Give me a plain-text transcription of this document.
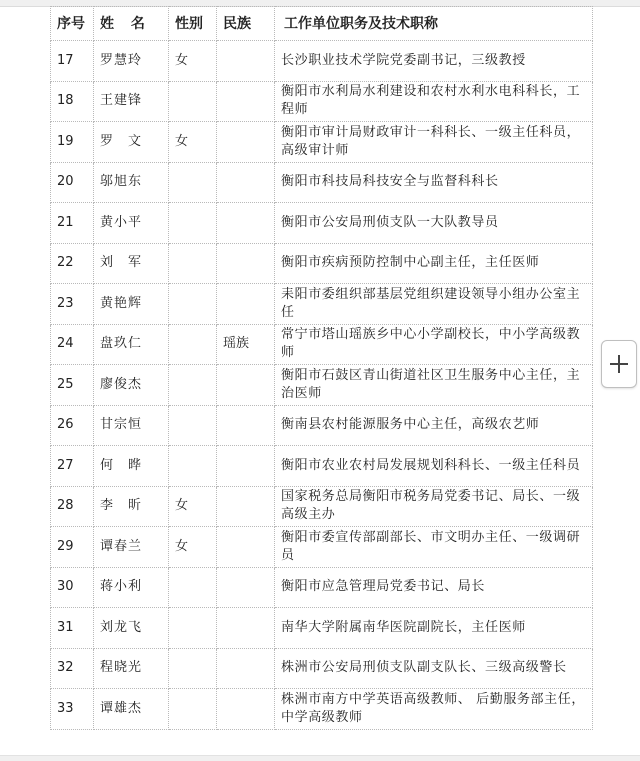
序号	姓 名	性别	民族	工作单位职务及技术职称
17	罗慧玲	女		长沙职业技术学院党委副书记，三级教授
18	王建锋			衡阳市水利局水利建设和农村水利水电科科长，工程师
19	罗　文	女		衡阳市审计局财政审计一科科长、一级主任科员，高级审计师
20	邬旭东			衡阳市科技局科技安全与监督科科长
21	黄小平			衡阳市公安局刑侦支队一大队教导员
22	刘　军			衡阳市疾病预防控制中心副主任，主任医师
23	黄艳辉			耒阳市委组织部基层党组织建设领导小组办公室主任
24	盘玖仁		瑶族	常宁市塔山瑶族乡中心小学副校长，中小学高级教师
25	廖俊杰			衡阳市石鼓区青山街道社区卫生服务中心主任，主治医师
26	甘宗恒			衡南县农村能源服务中心主任，高级农艺师
27	何　晔			衡阳市农业农村局发展规划科科长、一级主任科员
28	李　昕	女		国家税务总局衡阳市税务局党委书记、局长、一级高级主办
29	谭春兰	女		衡阳市委宣传部副部长、市文明办主任、一级调研员
30	蒋小利			衡阳市应急管理局党委书记、局长
31	刘龙飞			南华大学附属南华医院副院长，主任医师
32	程晓光			株洲市公安局刑侦支队副支队长、三级高级警长
33	谭雄杰			株洲市南方中学英语高级教师、 后勤服务部主任，中学高级教师
